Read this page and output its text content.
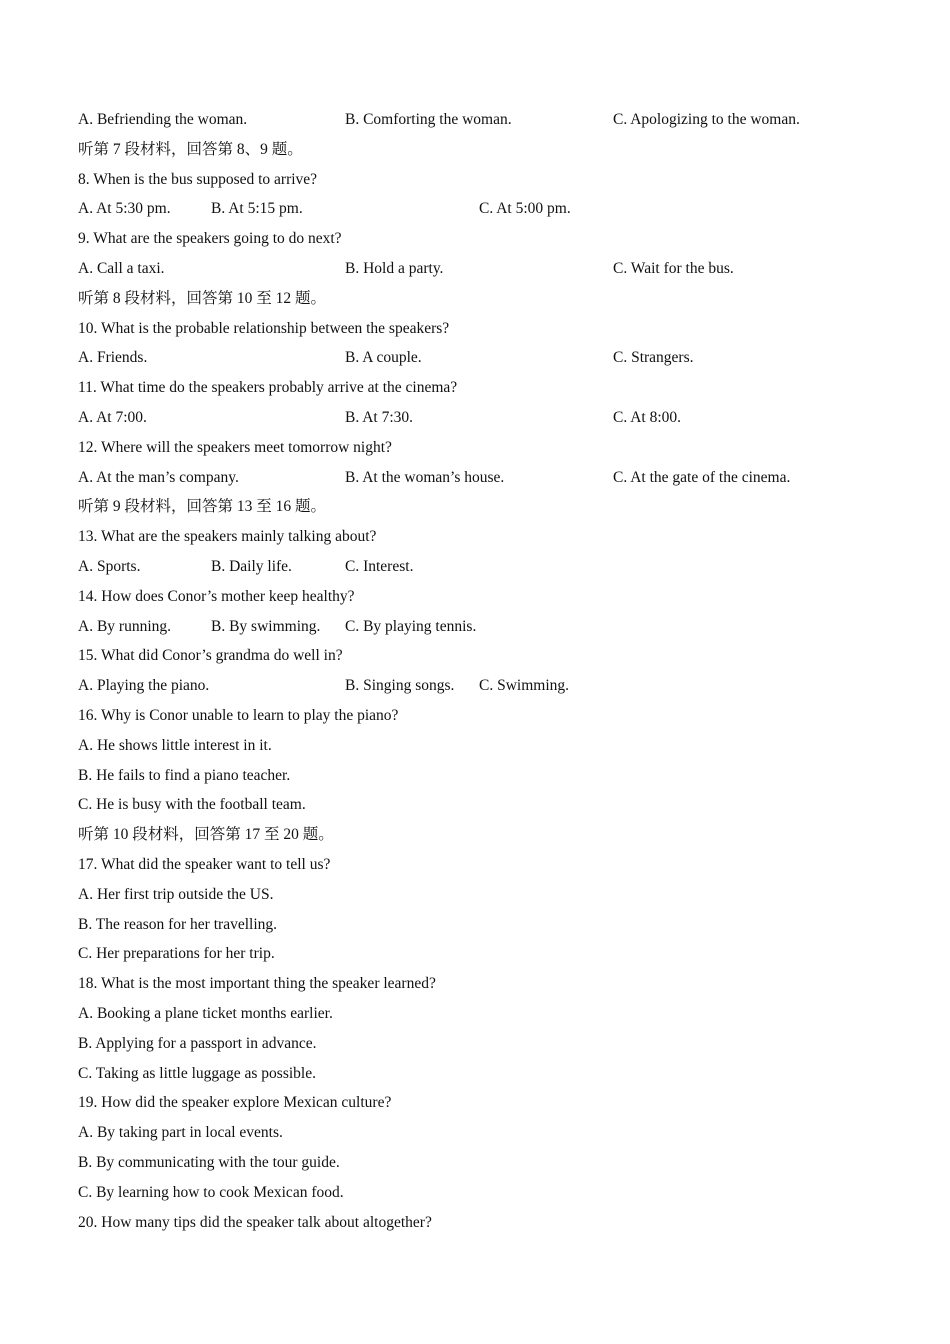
A. Befriending the woman.	B. Comforting the woman.	C. Apologizing to the woman.
听第 7 段材料，回答第 8、9 题。
8. When is the bus supposed to arrive?
A. At 5:30 pm.	B. At 5:15 pm.	C. At 5:00 pm.
9. What are the speakers going to do next?
A. Call a taxi.	B. Hold a party.	C. Wait for the bus.
听第 8 段材料，回答第 10 至 12 题。
10. What is the probable relationship between the speakers?
A. Friends.	B. A couple.	C. Strangers.
11. What time do the speakers probably arrive at the cinema?
A. At 7:00.	B. At 7:30.	C. At 8:00.
12. Where will the speakers meet tomorrow night?
A. At the man’s company.	B. At the woman’s house.	C. At the gate of the cinema.
听第 9 段材料，回答第 13 至 16 题。
13. What are the speakers mainly talking about?
A. Sports.	B. Daily life.	C. Interest.
14. How does Conor’s mother keep healthy?
A. By running.	B. By swimming. C. By playing tennis.
15. What did Conor’s grandma do well in?
A. Playing the piano.	B. Singing songs. C. Swimming.
16. Why is Conor unable to learn to play the piano?
A. He shows little interest in it.
B. He fails to find a piano teacher.
C. He is busy with the football team.
听第 10 段材料，回答第 17 至 20 题。
17. What did the speaker want to tell us?
A. Her first trip outside the US.
B. The reason for her travelling.
C. Her preparations for her trip.
18. What is the most important thing the speaker learned?
A. Booking a plane ticket months earlier.
B. Applying for a passport in advance.
C. Taking as little luggage as possible.
19. How did the speaker explore Mexican culture?
A. By taking part in local events.
B. By communicating with the tour guide.
C. By learning how to cook Mexican food.
20. How many tips did the speaker talk about altogether?
